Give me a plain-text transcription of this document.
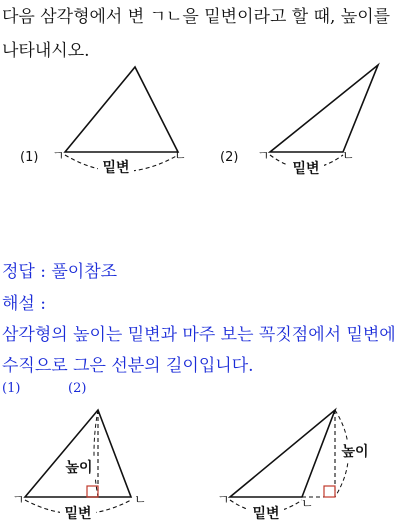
다음 삼각형에서 변 ㄱㄴ을 밑변이라고 할 때, 높이를 나타내시오.
(1) ㄱ	ㄴ
밑변
(2) ㄱ	ㄴ
밑변
정답 : 풀이참조
해설 :
삼각형의 높이는 밑변과 마주 보는 꼭짓점에서 밑변에
수직으로 그은 선분의 길이입니다.
(1)	(2)
높이
ㄱ	ㄴ
밑변
높이
ㄱ	ㄴ
밑변
